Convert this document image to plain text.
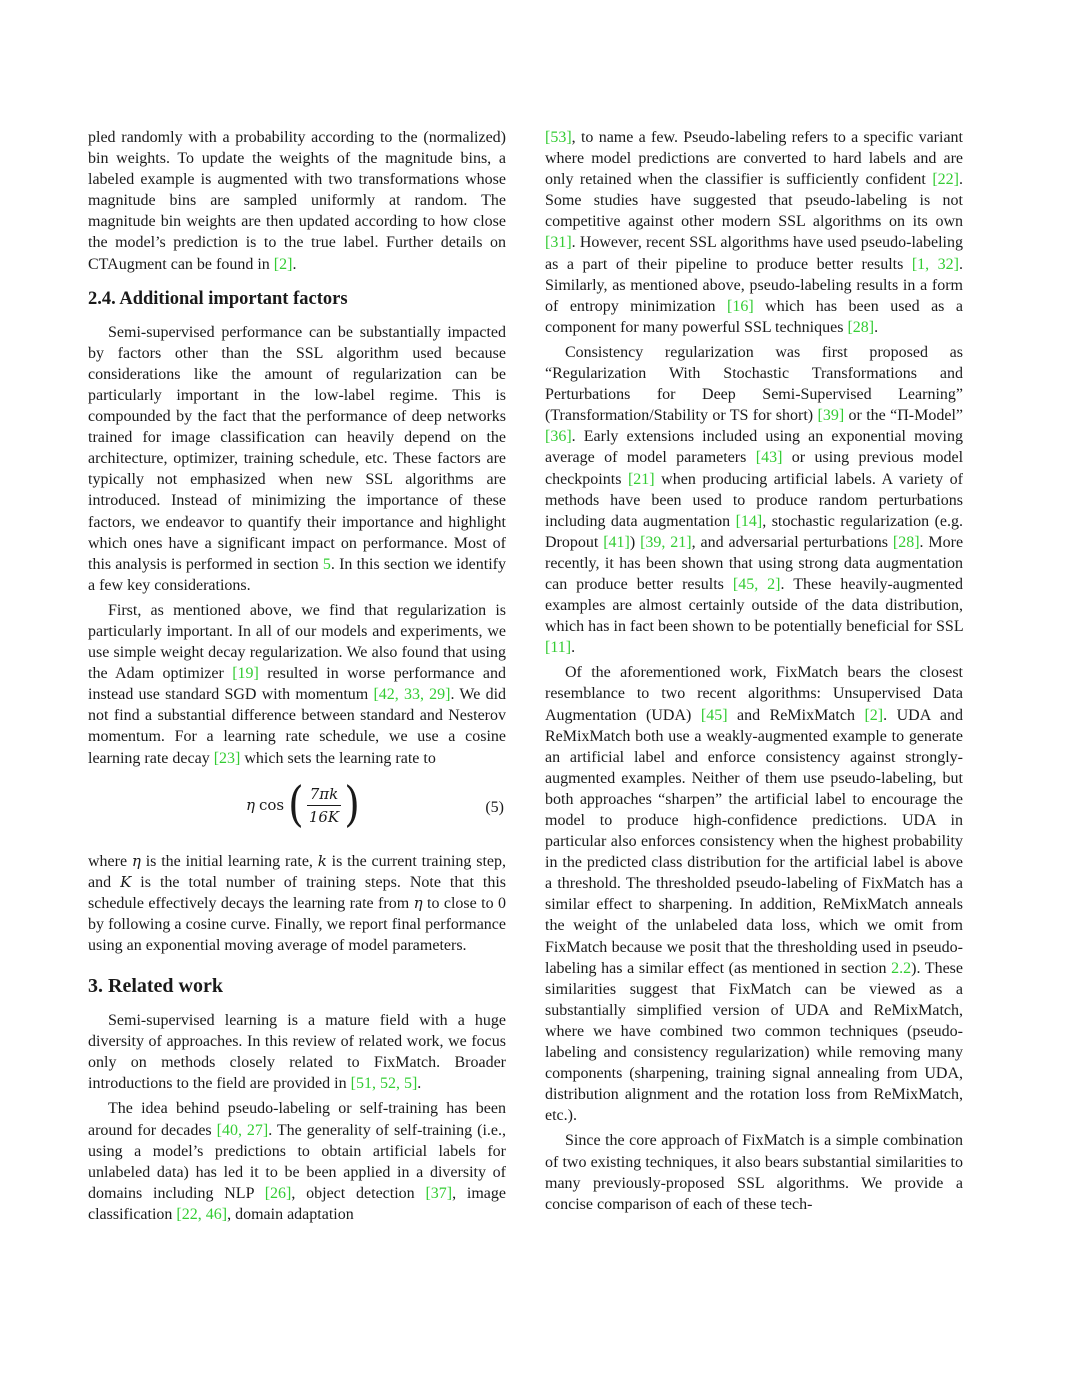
pled randomly with a probability according to the (normalized) bin weights. To update the weights of the magnitude bins, a labeled example is augmented with two transformations whose magnitude bins are sampled uniformly at random. The magnitude bin weights are then updated according to how close the model’s prediction is to the true label. Further details on CTAugment can be found in [2].

2.4. Additional important factors

Semi-supervised performance can be substantially impacted by factors other than the SSL algorithm used because considerations like the amount of regularization can be particularly important in the low-label regime. This is compounded by the fact that the performance of deep networks trained for image classification can heavily depend on the architecture, optimizer, training schedule, etc. These factors are typically not emphasized when new SSL algorithms are introduced. Instead of minimizing the importance of these factors, we endeavor to quantify their importance and highlight which ones have a significant impact on performance. Most of this analysis is performed in section 5. In this section we identify a few key considerations.

First, as mentioned above, we find that regularization is particularly important. In all of our models and experiments, we use simple weight decay regularization. We also found that using the Adam optimizer [19] resulted in worse performance and instead use standard SGD with momentum [42, 33, 29]. We did not find a substantial difference between standard and Nesterov momentum. For a learning rate schedule, we use a cosine learning rate decay [23] which sets the learning rate to

η cos ( $\frac{7\pi k}{16K}$ )	(5)

where η is the initial learning rate, k is the current training step, and K is the total number of training steps. Note that this schedule effectively decays the learning rate from η to close to 0 by following a cosine curve. Finally, we report final performance using an exponential moving average of model parameters.

3. Related work

Semi-supervised learning is a mature field with a huge diversity of approaches. In this review of related work, we focus only on methods closely related to FixMatch. Broader introductions to the field are provided in [51, 52, 5].

The idea behind pseudo-labeling or self-training has been around for decades [40, 27]. The generality of self-training (i.e., using a model’s predictions to obtain artificial labels for unlabeled data) has led it to be been applied in a diversity of domains including NLP [26], object detection [37], image classification [22, 46], domain adaptation

[53], to name a few. Pseudo-labeling refers to a specific variant where model predictions are converted to hard labels and are only retained when the classifier is sufficiently confident [22]. Some studies have suggested that pseudo-labeling is not competitive against other modern SSL algorithms on its own [31]. However, recent SSL algorithms have used pseudo-labeling as a part of their pipeline to produce better results [1, 32]. Similarly, as mentioned above, pseudo-labeling results in a form of entropy minimization [16] which has been used as a component for many powerful SSL techniques [28].

Consistency regularization was first proposed as “Regularization With Stochastic Transformations and Perturbations for Deep Semi-Supervised Learning” (Transformation/Stability or TS for short) [39] or the “Π-Model” [36]. Early extensions included using an exponential moving average of model parameters [43] or using previous model checkpoints [21] when producing artificial labels. A variety of methods have been used to produce random perturbations including data augmentation [14], stochastic regularization (e.g. Dropout [41]) [39, 21], and adversarial perturbations [28]. More recently, it has been shown that using strong data augmentation can produce better results [45, 2]. These heavily-augmented examples are almost certainly outside of the data distribution, which has in fact been shown to be potentially beneficial for SSL [11].

Of the aforementioned work, FixMatch bears the closest resemblance to two recent algorithms: Unsupervised Data Augmentation (UDA) [45] and ReMixMatch [2]. UDA and ReMixMatch both use a weakly-augmented example to generate an artificial label and enforce consistency against strongly-augmented examples. Neither of them use pseudo-labeling, but both approaches “sharpen” the artificial label to encourage the model to produce high-confidence predictions. UDA in particular also enforces consistency when the highest probability in the predicted class distribution for the artificial label is above a threshold. The thresholded pseudo-labeling of FixMatch has a similar effect to sharpening. In addition, ReMixMatch anneals the weight of the unlabeled data loss, which we omit from FixMatch because we posit that the thresholding used in pseudo-labeling has a similar effect (as mentioned in section 2.2). These similarities suggest that FixMatch can be viewed as a substantially simplified version of UDA and ReMixMatch, where we have combined two common techniques (pseudo-labeling and consistency regularization) while removing many components (sharpening, training signal annealing from UDA, distribution alignment and the rotation loss from ReMixMatch, etc.).

Since the core approach of FixMatch is a simple combination of two existing techniques, it also bears substantial similarities to many previously-proposed SSL algorithms. We provide a concise comparison of each of these tech-
